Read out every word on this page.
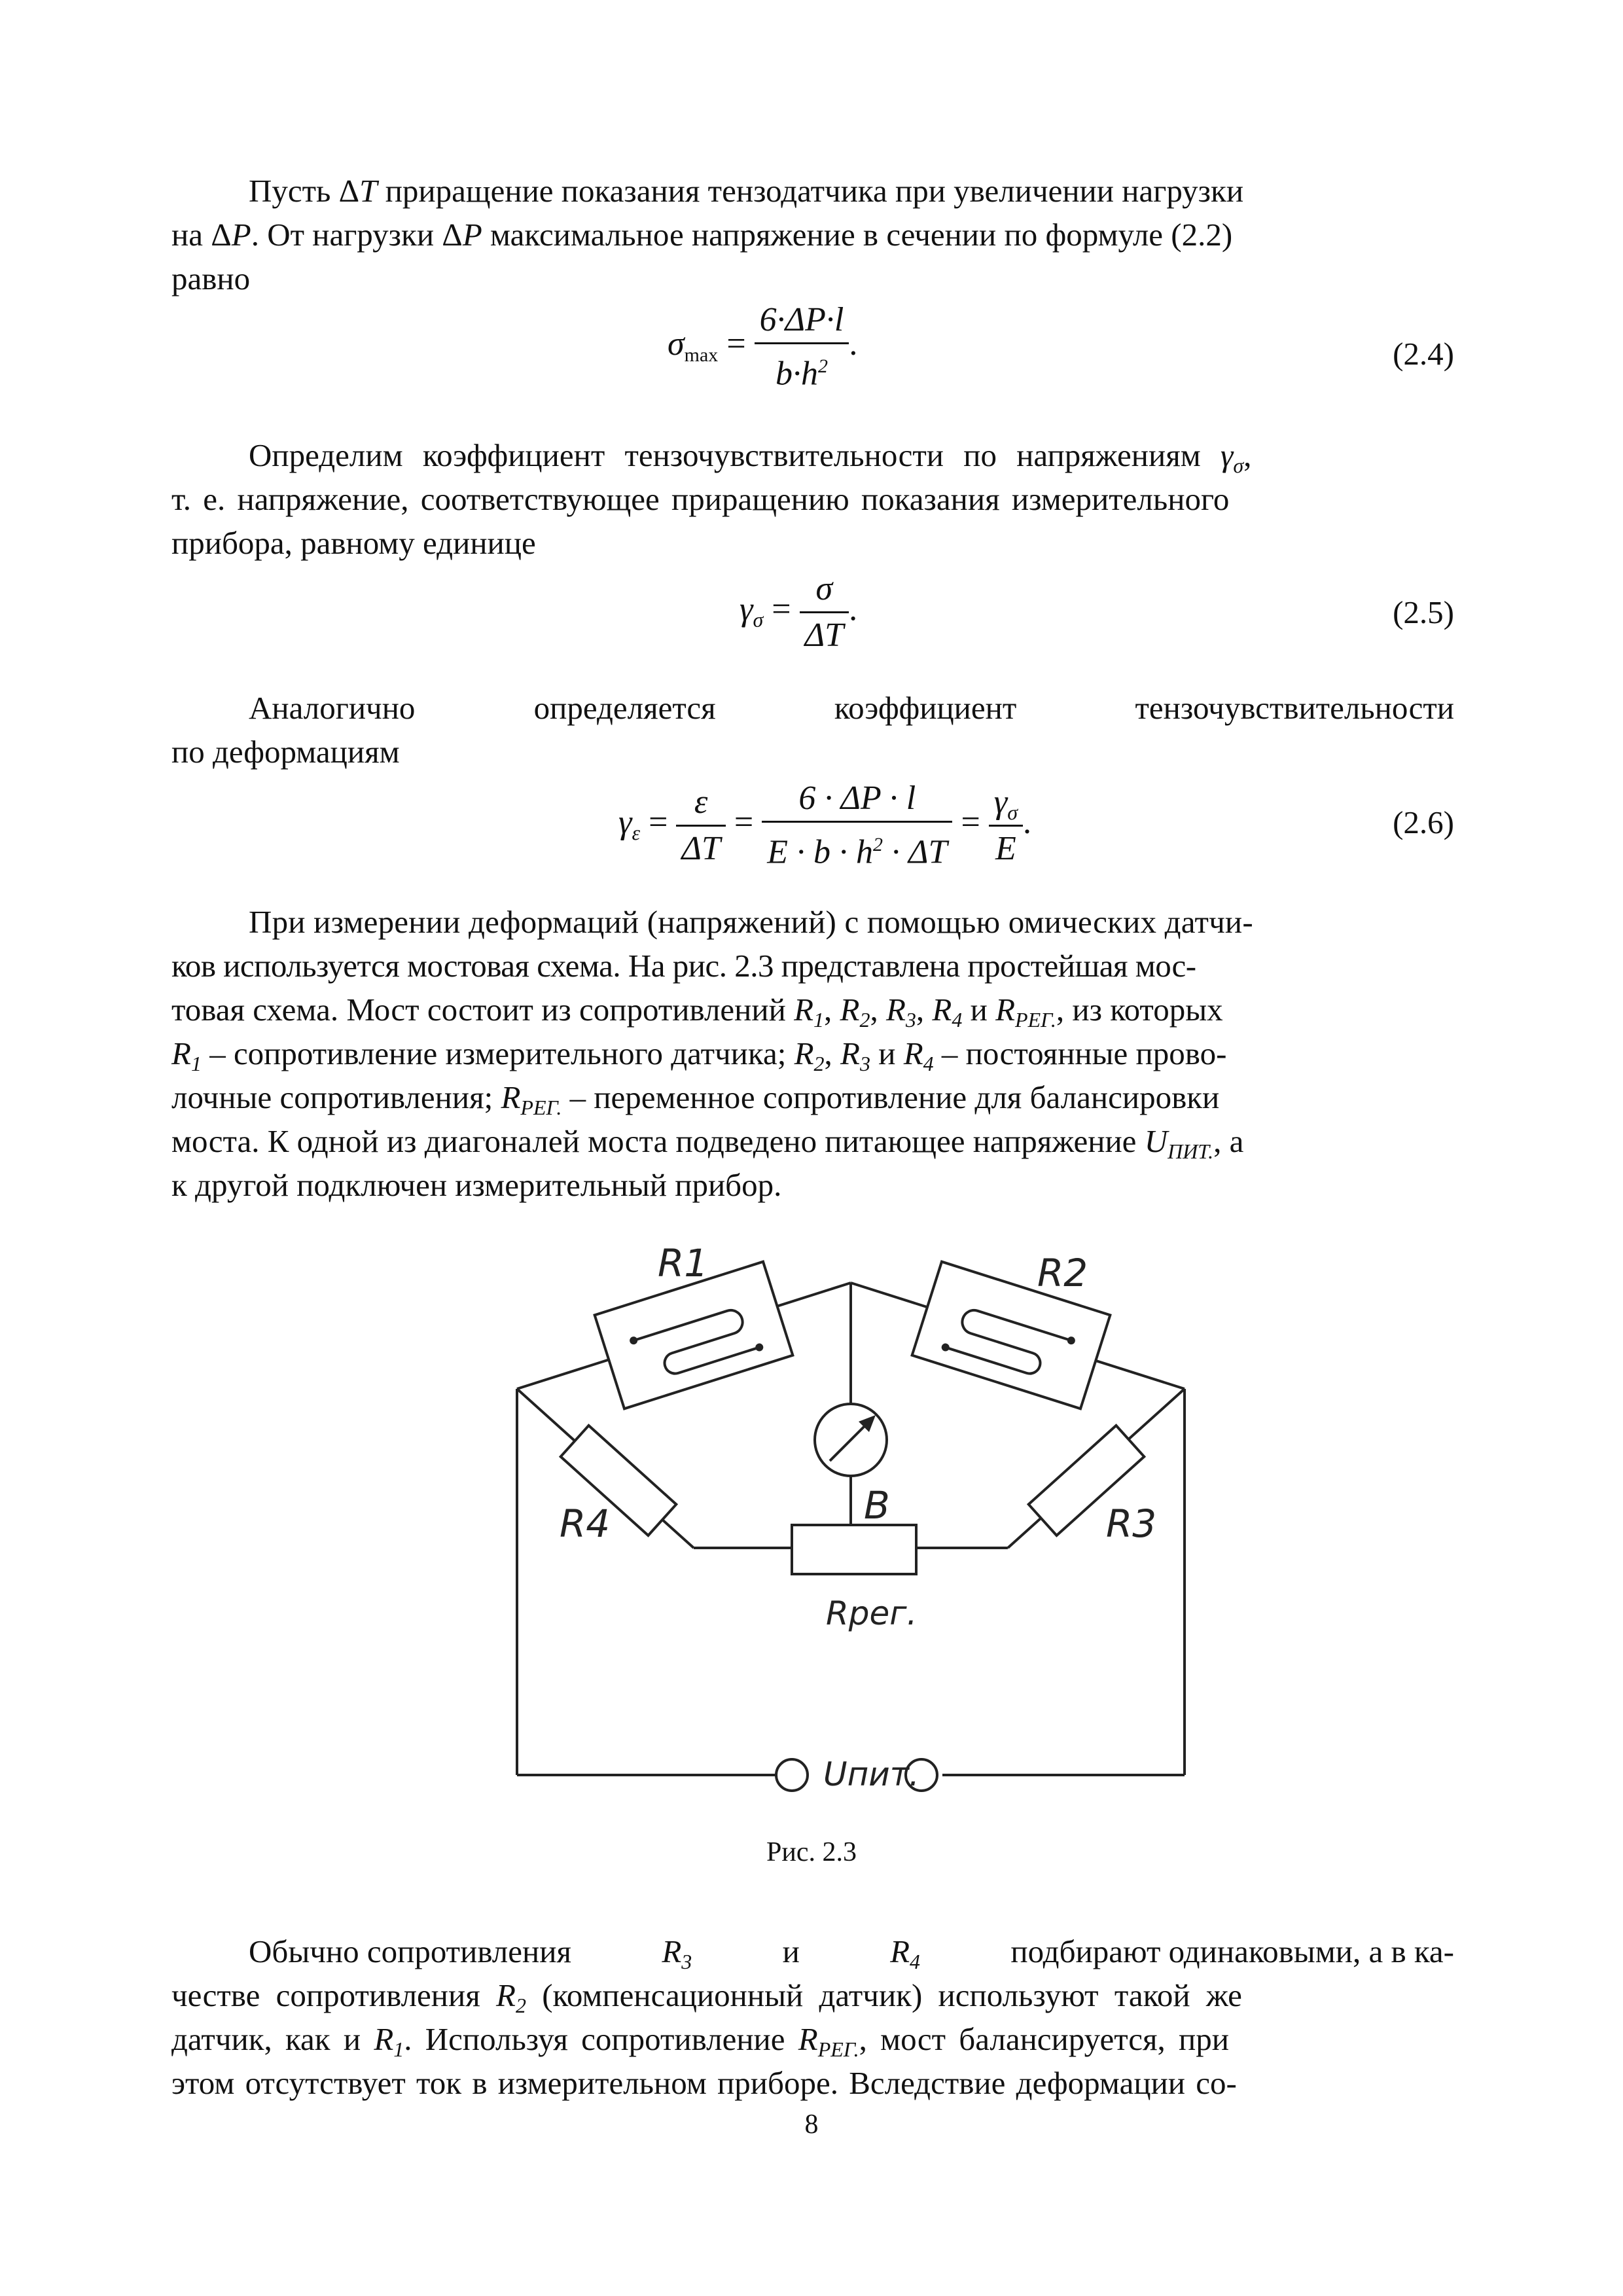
Пусть ΔT приращение показания тензодатчика при увеличении нагрузки
на ΔP. От нагрузки ΔP максимальное напряжение в сечении по формуле (2.2)
равно
$\sigma_{max} = \frac{6\cdot\Delta P\cdot l}{b\cdot h^2}$ .	(2.4)
Определим коэффициент тензочувствительности по напряжениям $\gamma_\sigma$,
т. е. напряжение, соответствующее приращению показания измерительного
прибора, равному единице
$\gamma_\sigma = \frac{\sigma}{\Delta T}$ .	(2.5)
Аналогично	определяется	коэффициент	тензочувствительности
по деформациям
$\gamma_\varepsilon = \frac{\varepsilon}{\Delta T} = \frac{6 \cdot \Delta P \cdot l}{E \cdot b \cdot h^2 \cdot \Delta T} = \frac{\gamma_\sigma}{E}$ .	(2.6)
При измерении деформаций (напряжений) с помощью омических датчи-
ков используется мостовая схема. На рис. 2.3 представлена простейшая мос-
товая схема. Мост состоит из сопротивлений $R_1$, $R_2$, $R_3$, $R_4$ и $R_{РЕГ.}$, из которых
$R_1$ – сопротивление измерительного датчика; $R_2$, $R_3$ и $R_4$ – постоянные прово-
лочные сопротивления; $R_{РЕГ.}$ – переменное сопротивление для балансировки
моста. К одной из диагоналей моста подведено питающее напряжение $U_{ПИТ.}$, а
к другой подключен измерительный прибор.
R1	R2
R3
R4	B
Rрег.
Uпит.
Рис. 2.3
Обычно сопротивления	$R_3$	и	$R_4$	подбирают одинаковыми, а в ка-
честве сопротивления $R_2$ (компенсационный датчик) используют такой же
датчик, как и $R_1$. Используя сопротивление $R_{РЕГ.}$, мост балансируется, при
этом отсутствует ток в измерительном приборе. Вследствие деформации со-
8
